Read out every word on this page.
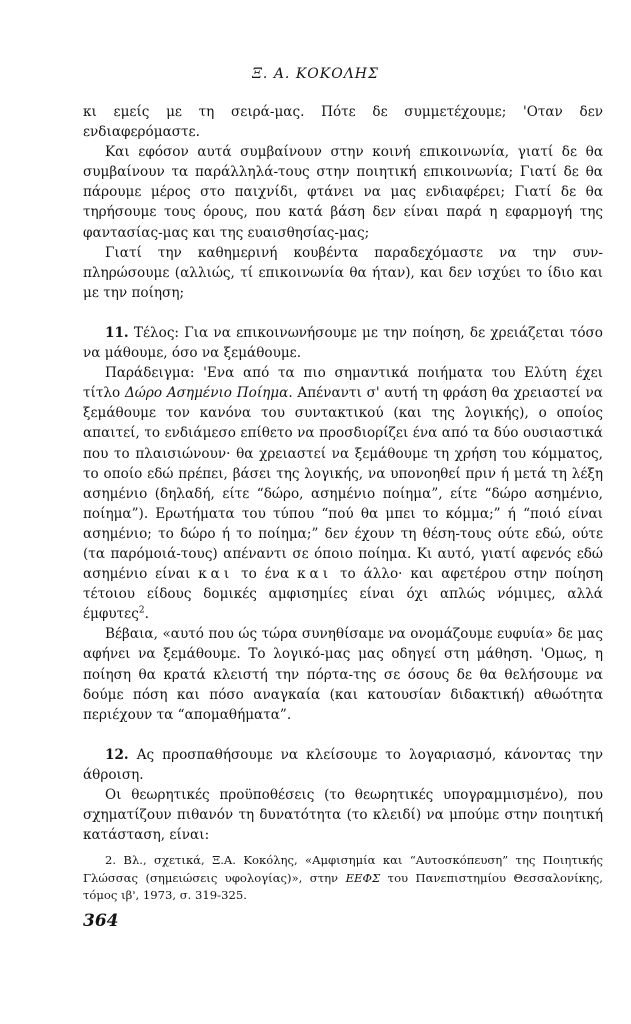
Ξ. Α. ΚΟΚΟΛΗΣ

κι εμείς με τη σειρά-μας. Πότε δε συμμετέχουμε; 'Οταν δεν ενδιαφερόμαστε.

Και εφόσον αυτά συμβαίνουν στην κοινή επικοινωνία, γιατί δε θα συμβαίνουν τα παράλληλά-τους στην ποιητική επικοινωνία; Γιατί δε θα πάρουμε μέρος στο παιχνίδι, φτάνει να μας ενδιαφέρει; Γιατί δε θα τηρήσουμε τους όρους, που κατά βάση δεν είναι παρά η εφαρμογή της φαντασίας-μας και της ευαισθησίας-μας;

Γιατί την καθημερινή κουβέντα παραδεχόμαστε να την συν-πληρώσουμε (αλλιώς, τί επικοινωνία θα ήταν), και δεν ισχύει το ίδιο και με την ποίηση;

11. Τέλος: Για να επικοινωνήσουμε με την ποίηση, δε χρειάζεται τόσο να μάθουμε, όσο να ξεμάθουμε.

Παράδειγμα: 'Ενα από τα πιο σημαντικά ποιήματα του Ελύτη έχει τίτλο Δώρο Ασημένιο Ποίημα. Απέναντι σ' αυτή τη φράση θα χρειαστεί να ξεμάθουμε τον κανόνα του συντακτικού (και της λογικής), ο οποίος απαιτεί, το ενδιάμεσο επίθετο να προσδιορίζει ένα από τα δύο ουσιαστικά που το πλαισιώνουν· θα χρειαστεί να ξεμάθουμε τη χρήση του κόμματος, το οποίο εδώ πρέπει, βάσει της λογικής, να υπονοηθεί πριν ή μετά τη λέξη ασημένιο (δηλαδή, είτε “δώρο, ασημένιο ποίημα”, είτε “δώρο ασημένιο, ποίημα”). Ερωτήματα του τύπου “πού θα μπει το κόμμα;” ή “ποιό είναι ασημένιο; το δώρο ή το ποίημα;” δεν έχουν τη θέση-τους ούτε εδώ, ούτε (τα παρόμοιά-τους) απέναντι σε όποιο ποίημα. Κι αυτό, γιατί αφενός εδώ ασημένιο είναι και το ένα και το άλλο· και αφετέρου στην ποίηση τέτοιου είδους δομικές αμφισημίες είναι όχι απλώς νόμιμες, αλλά έμφυτες$^2$.

Βέβαια, «αυτό που ώς τώρα συνηθίσαμε να ονομάζουμε ευφυία» δε μας αφήνει να ξεμάθουμε. Το λογικό-μας μας οδηγεί στη μάθηση. 'Ομως, η ποίηση θα κρατά κλειστή την πόρτα-της σε όσους δε θα θελήσουμε να δούμε πόση και πόσο αναγκαία (και κατουσίαν διδακτική) αθωότητα περιέχουν τα “απομαθήματα”.

12. Ας προσπαθήσουμε να κλείσουμε το λογαριασμό, κάνοντας την άθροιση.

Οι θεωρητικές προϋποθέσεις (το θεωρητικές υπογραμμισμένο), που σχηματίζουν πιθανόν τη δυνατότητα (το κλειδί) να μπούμε στην ποιητική κατάσταση, είναι:

2. Βλ., σχετικά, Ξ.Α. Κοκόλης, «Αμφισημία και “Αυτοσκόπευση” της Ποιητικής Γλώσσας (σημειώσεις υφολογίας)», στην ΕΕΦΣ του Πανεπιστημίου Θεσσαλονίκης, τόμος ιβ', 1973, σ. 319-325.

364
